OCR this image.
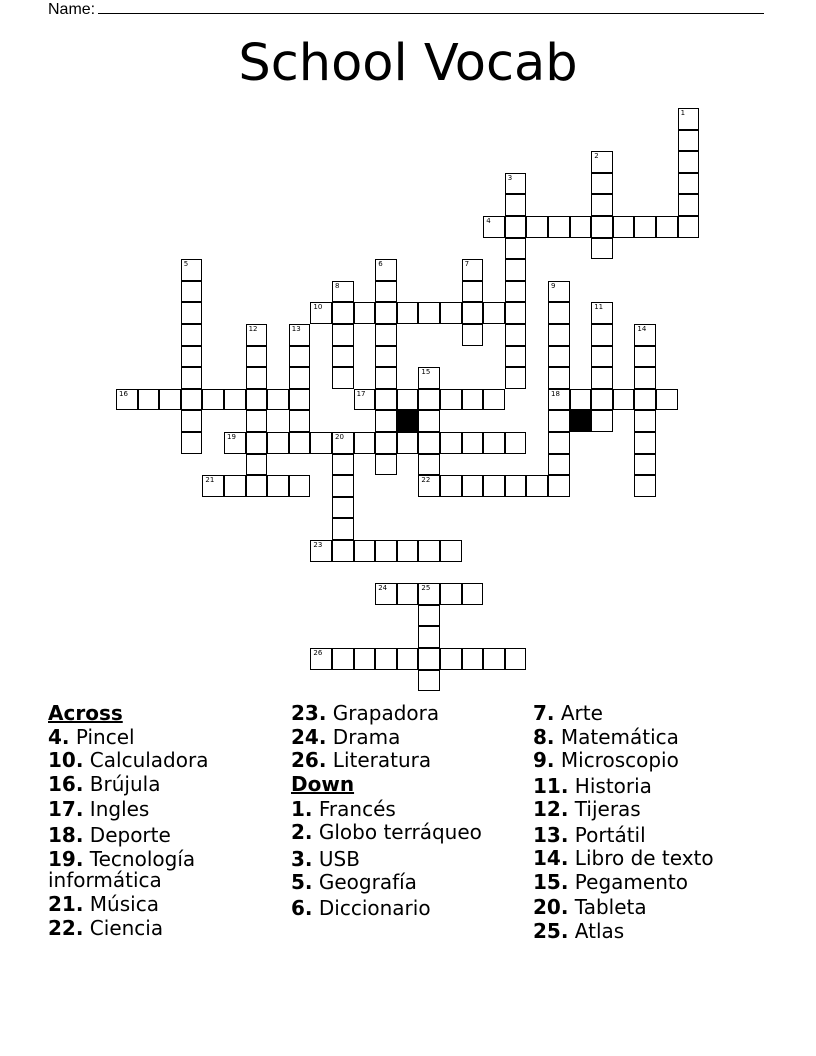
Name:
School Vocab
1
2
3
4
5	6	7
8	9
18
10	11
12	13	14
15
16	17
19	20
21	22
23
24	25
26
Across
4. Pincel
10. Calculadora
16. Brújula
17. Ingles
18. Deporte
19. Tecnología informática
21. Música
22. Ciencia
23. Grapadora
24. Drama
26. Literatura
Down
1. Francés
2. Globo terráqueo
3. USB
5. Geografía
6. Diccionario
7. Arte
8. Matemática
9. Microscopio
11. Historia
12. Tijeras
13. Portátil
14. Libro de texto
15. Pegamento
20. Tableta
25. Atlas
